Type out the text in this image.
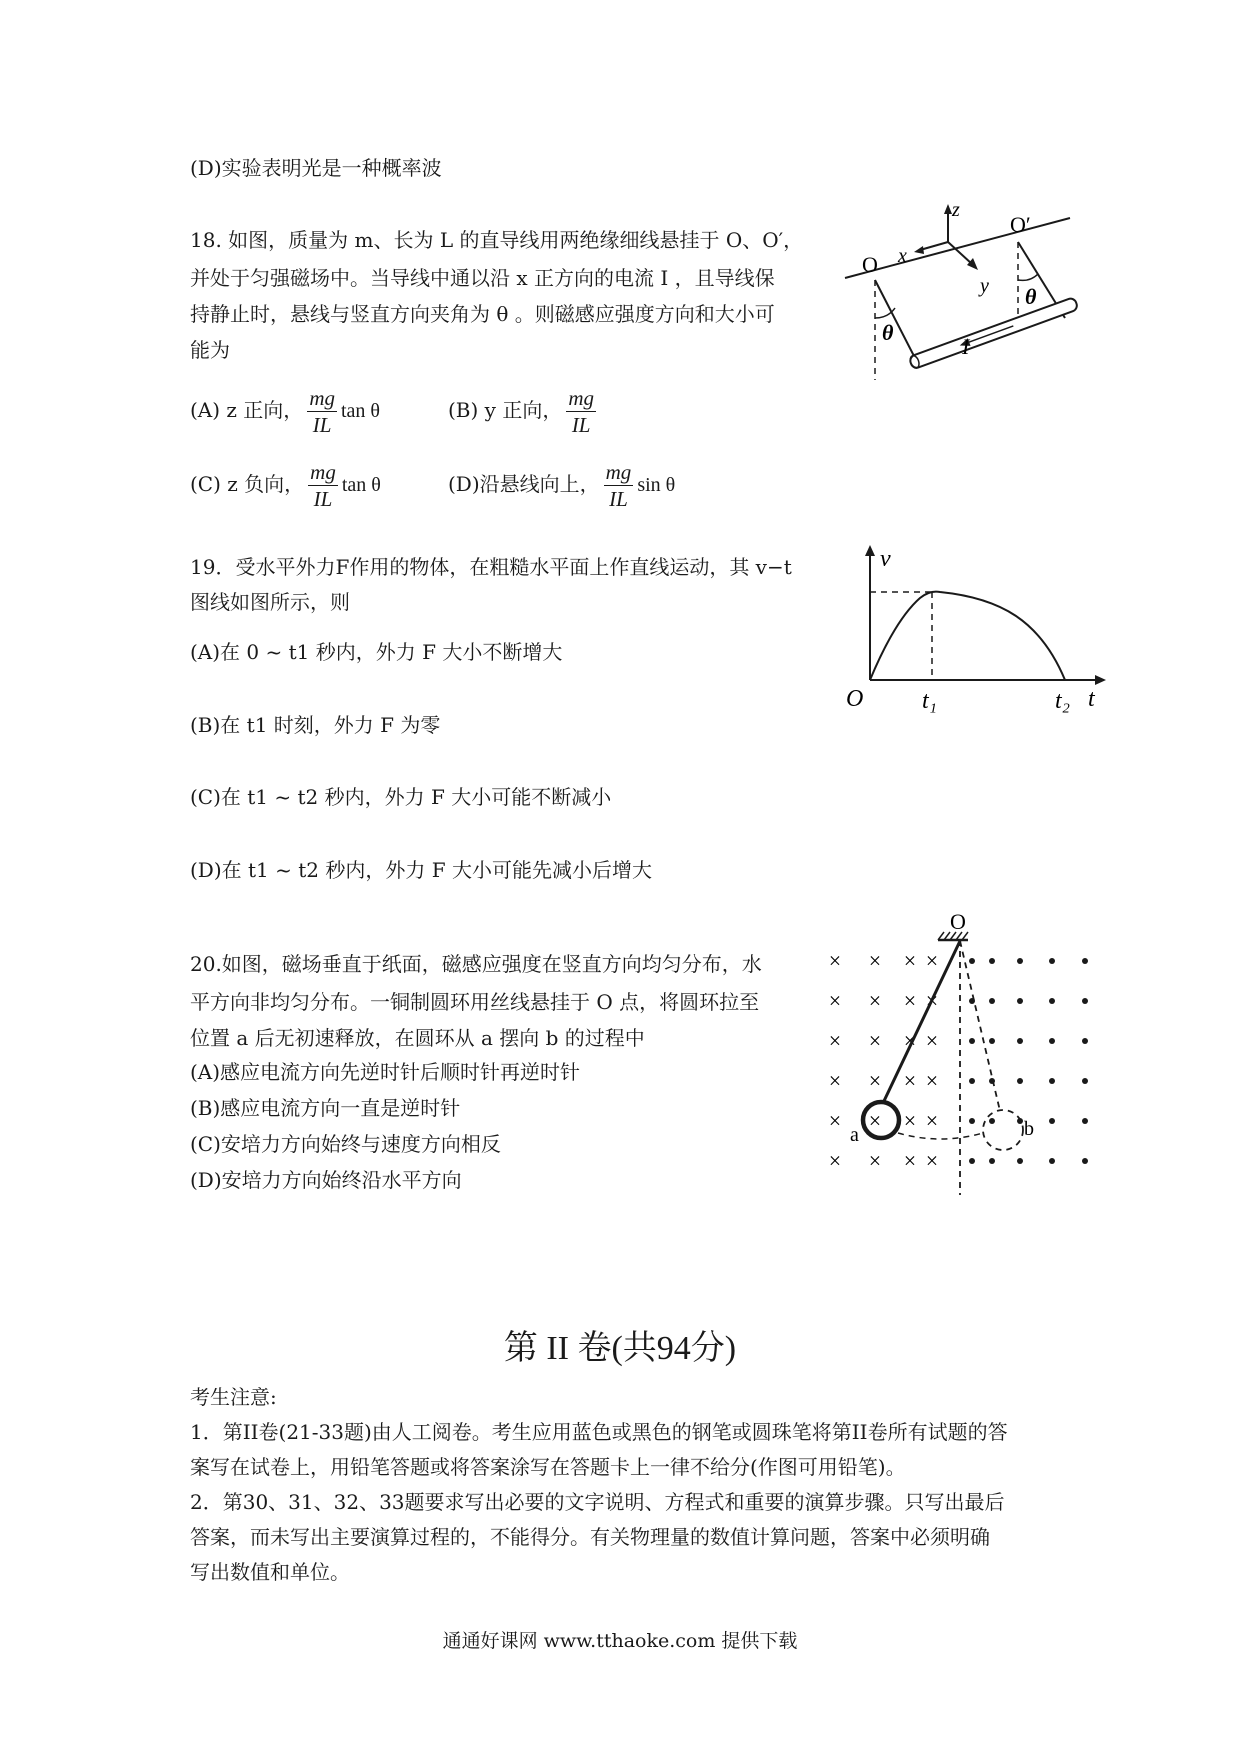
(D)实验表明光是一种概率波
18. 如图，质量为 m、长为 L 的直导线用两绝缘细线悬挂于 O、O′，
并处于匀强磁场中。当导线中通以沿 x 正方向的电流 I ，且导线保
持静止时，悬线与竖直方向夹角为 θ 。则磁感应强度方向和大小可
能为
(A) z 正向， $\frac{mg}{IL}$ tan θ	(B) y 正向， $\frac{mg}{IL}$
(C) z 负向， $\frac{mg}{IL}$ tan θ	(D)沿悬线向上， $\frac{mg}{IL}$ sin θ
z
O
O′
x
y
θ
θ
I
19．受水平外力F作用的物体，在粗糙水平面上作直线运动，其 v−t
图线如图所示，则
(A)在 0 ~ t1 秒内，外力 F 大小不断增大
(B)在 t1 时刻，外力 F 为零
(C)在 t1 ~ t2 秒内，外力 F 大小可能不断减小
(D)在 t1 ~ t2 秒内，外力 F 大小可能先减小后增大
v
O t₁	t₂ t
20.如图，磁场垂直于纸面，磁感应强度在竖直方向均匀分布，水
平方向非均匀分布。一铜制圆环用丝线悬挂于 O 点，将圆环拉至
位置 a 后无初速释放，在圆环从 a 摆向 b 的过程中
(A)感应电流方向先逆时针后顺时针再逆时针
(B)感应电流方向一直是逆时针
(C)安培力方向始终与速度方向相反
(D)安培力方向始终沿水平方向
× × × ×
× × × ×
× × × ×
× × × ×
× × × ×
× × × ×
O
a	b
第 II 卷(共94分)
考生注意:
1．第II卷(21-33题)由人工阅卷。考生应用蓝色或黑色的钢笔或圆珠笔将第II卷所有试题的答
案写在试卷上，用铅笔答题或将答案涂写在答题卡上一律不给分(作图可用铅笔)。
2．第30、31、32、33题要求写出必要的文字说明、方程式和重要的演算步骤。只写出最后
答案，而未写出主要演算过程的，不能得分。有关物理量的数值计算问题，答案中必须明确
写出数值和单位。
通通好课网 www.tthaoke.com 提供下载
